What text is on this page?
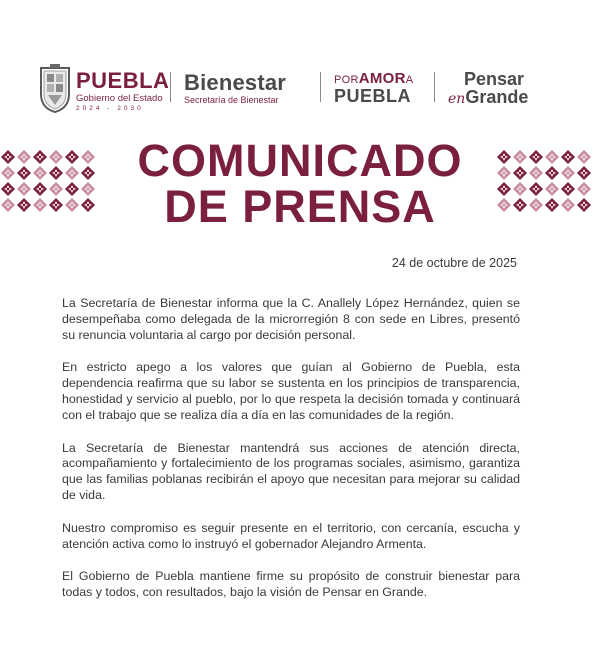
PUEBLA
Gobierno del Estado
2024 - 2030
Bienestar
Secretaría de Bienestar
PORAMORA
PUEBLA
Pensar
enGrande
COMUNICADO
DE PRENSA
24 de octubre de 2025

La Secretaría de Bienestar informa que la C. Anallely López Hernández, quien se desempeñaba como delegada de la microrregión 8 con sede en Libres, presentó su renuncia voluntaria al cargo por decisión personal.

En estricto apego a los valores que guían al Gobierno de Puebla, esta dependencia reafirma que su labor se sustenta en los principios de transparencia, honestidad y servicio al pueblo, por lo que respeta la decisión tomada y continuará con el trabajo que se realiza día a día en las comunidades de la región.

La Secretaría de Bienestar mantendrá sus acciones de atención directa, acompañamiento y fortalecimiento de los programas sociales, asimismo, garantiza que las familias poblanas recibirán el apoyo que necesitan para mejorar su calidad de vida.

Nuestro compromiso es seguir presente en el territorio, con cercanía, escucha y atención activa como lo instruyó el gobernador Alejandro Armenta.

El Gobierno de Puebla mantiene firme su propósito de construir bienestar para todas y todos, con resultados, bajo la visión de Pensar en Grande.
